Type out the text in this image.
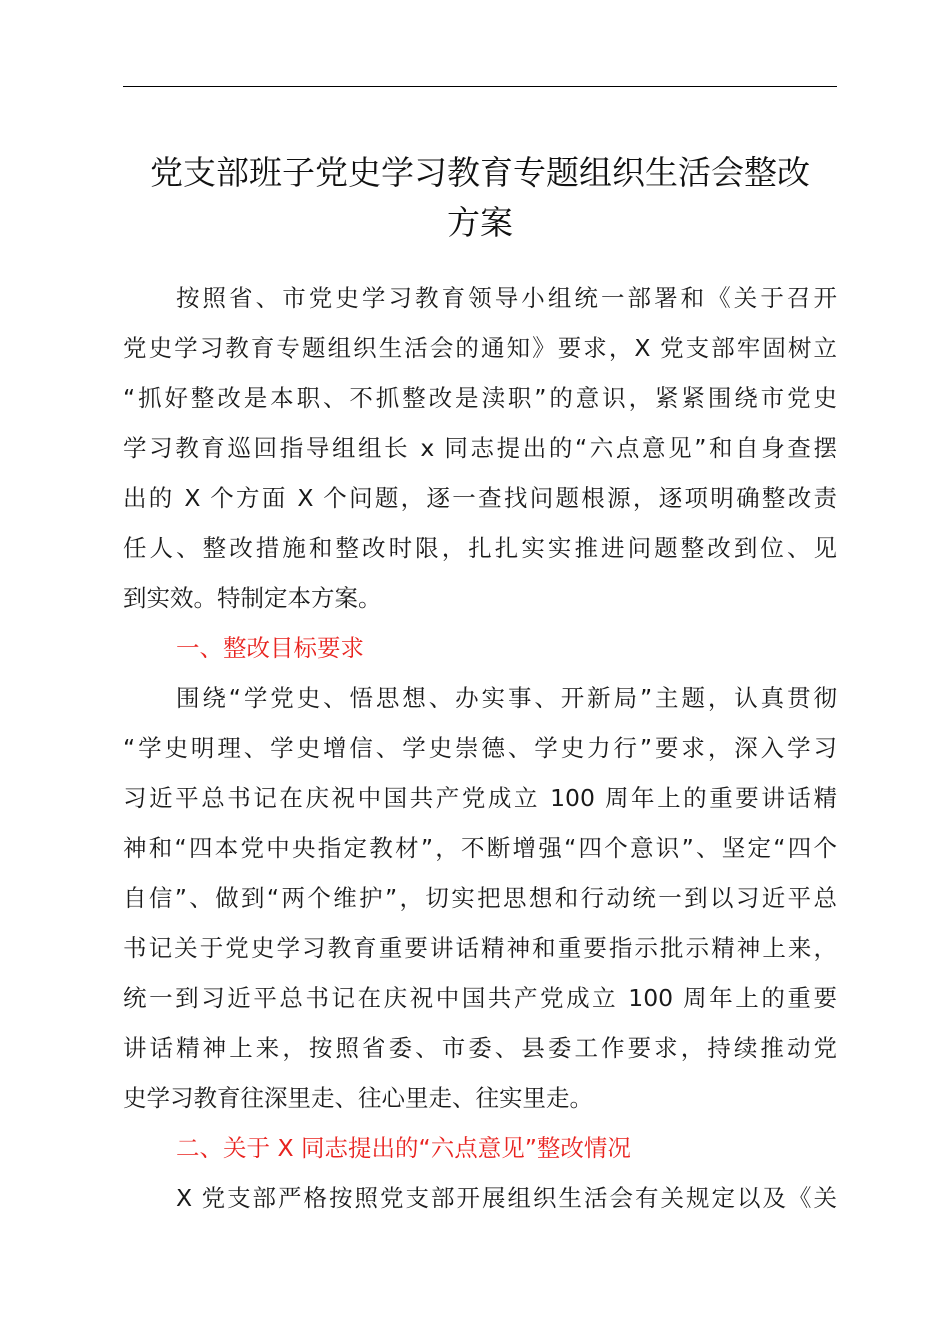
党支部班子党史学习教育专题组织生活会整改
方案
按照省、市党史学习教育领导小组统一部署和《关于召开
党史学习教育专题组织生活会的通知》要求，X 党支部牢固树立
“抓好整改是本职、不抓整改是渎职”的意识，紧紧围绕市党史
学习教育巡回指导组组长 x 同志提出的“六点意见”和自身查摆
出的 X 个方面 X 个问题，逐一查找问题根源，逐项明确整改责
任人、整改措施和整改时限，扎扎实实推进问题整改到位、见
到实效。特制定本方案。
一、整改目标要求
围绕“学党史、悟思想、办实事、开新局”主题，认真贯彻
“学史明理、学史增信、学史崇德、学史力行”要求，深入学习
习近平总书记在庆祝中国共产党成立 100 周年上的重要讲话精
神和“四本党中央指定教材”，不断增强“四个意识”、坚定“四个
自信”、做到“两个维护”，切实把思想和行动统一到以习近平总
书记关于党史学习教育重要讲话精神和重要指示批示精神上来，
统一到习近平总书记在庆祝中国共产党成立 100 周年上的重要
讲话精神上来，按照省委、市委、县委工作要求，持续推动党
史学习教育往深里走、往心里走、往实里走。
二、关于 X 同志提出的“六点意见”整改情况
X 党支部严格按照党支部开展组织生活会有关规定以及《关
